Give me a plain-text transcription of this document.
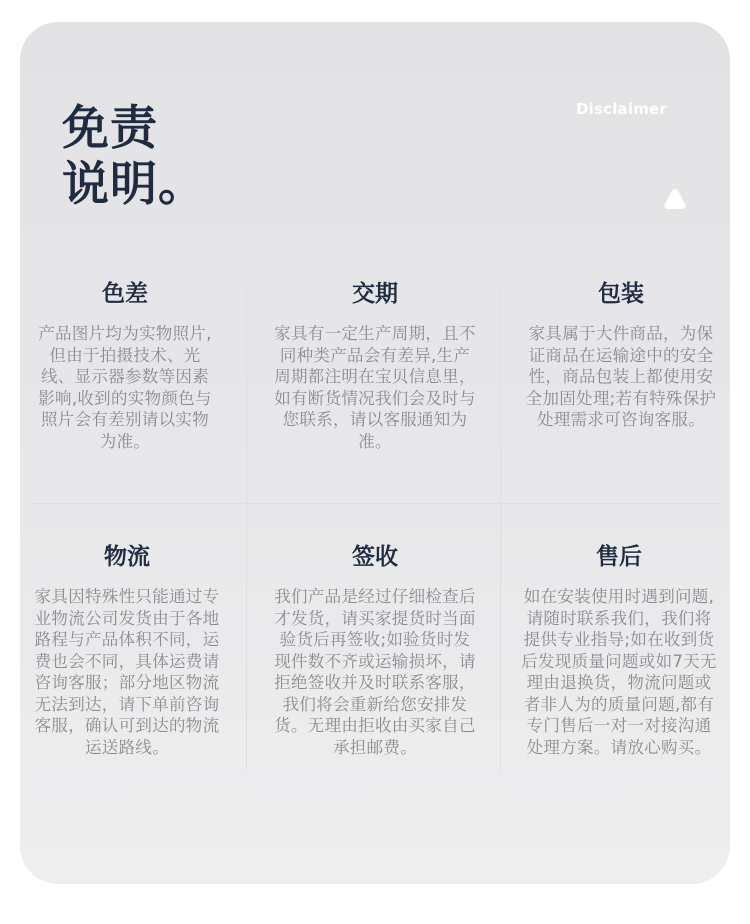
免责
说明。
Disclaimer
色差

产品图片均为实物照片,但由于拍摄技术、光线、显示器参数等因素影响,收到的实物颜色与照片会有差别请以实物为准。

交期

家具有一定生产周期，且不同种类产品会有差异,生产周期都注明在宝贝信息里，如有断货情况我们会及时与您联系，请以客服通知为准。

包装

家具属于大件商品，为保证商品在运输途中的安全性，商品包装上都使用安全加固处理;若有特殊保护处理需求可咨询客服。

物流

家具因特殊性只能通过专业物流公司发货由于各地路程与产品体积不同，运费也会不同，具体运费请咨询客服；部分地区物流无法到达，请下单前咨询客服，确认可到达的物流运送路线。

签收

我们产品是经过仔细检查后才发货，请买家提货时当面验货后再签收;如验货时发现件数不齐或运输损坏，请拒绝签收并及时联系客服，我们将会重新给您安排发货。无理由拒收由买家自己承担邮费。

售后

如在安装使用时遇到问题,请随时联系我们，我们将提供专业指导;如在收到货后发现质量问题或如7天无理由退换货，物流问题或者非人为的质量问题,都有专门售后一对一对接沟通处理方案。请放心购买。
